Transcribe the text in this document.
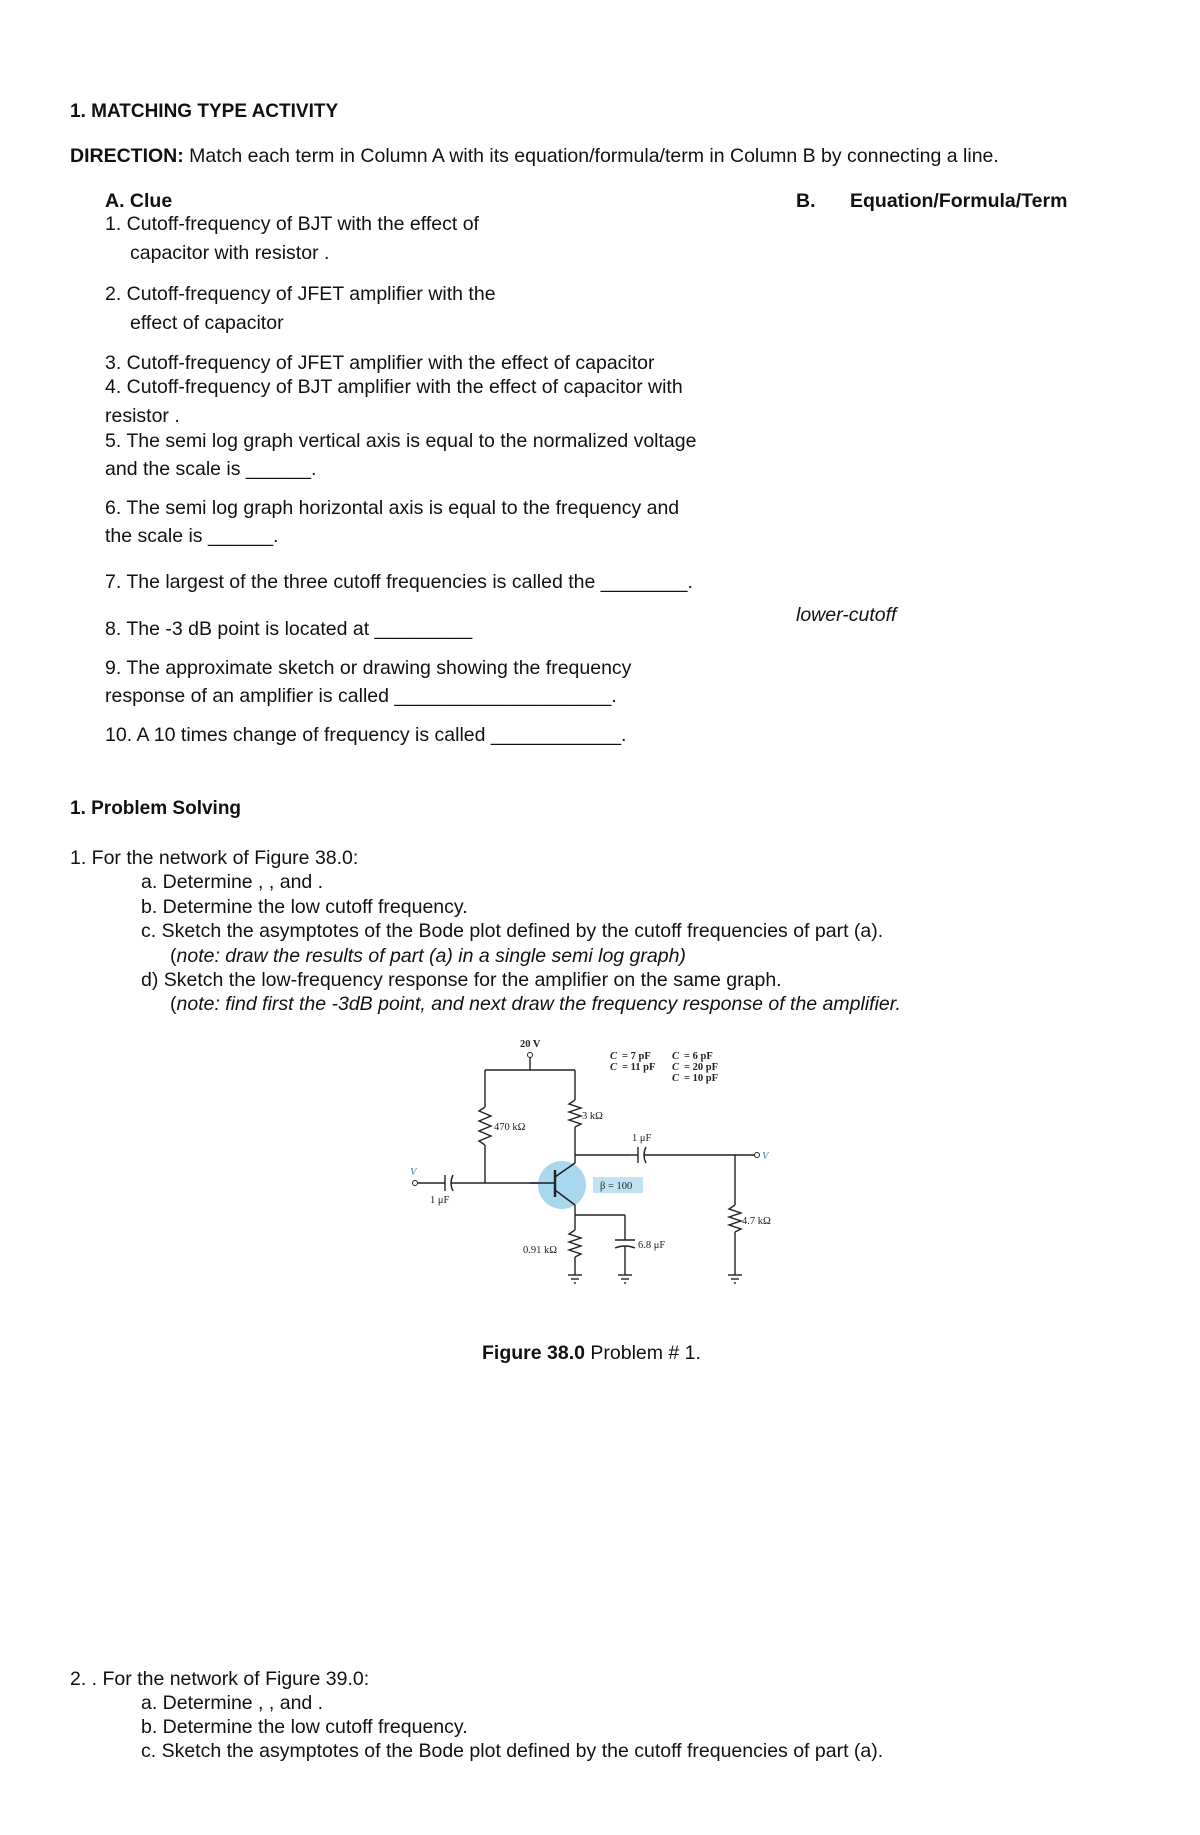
1. MATCHING TYPE ACTIVITY
DIRECTION: Match each term in Column A with its equation/formula/term in Column B by connecting a line.
A. Clue	B. Equation/Formula/Term
1. Cutoff-frequency of BJT with the effect of
capacitor with resistor .
2. Cutoff-frequency of JFET amplifier with the
effect of capacitor
3. Cutoff-frequency of JFET amplifier with the effect of capacitor
4. Cutoff-frequency of BJT amplifier with the effect of capacitor with
resistor .
5. The semi log graph vertical axis is equal to the normalized voltage
and the scale is ______.
6. The semi log graph horizontal axis is equal to the frequency and
the scale is ______.
7. The largest of the three cutoff frequencies is called the ________.
lower-cutoff
8. The -3 dB point is located at _________
9. The approximate sketch or drawing showing the frequency
response of an amplifier is called ____________________.
10. A 10 times change of frequency is called ____________.
1. Problem Solving
1. For the network of Figure 38.0:
a. Determine , , and .
b. Determine the low cutoff frequency.
c. Sketch the asymptotes of the Bode plot defined by the cutoff frequencies of part (a).
(note: draw the results of part (a) in a single semi log graph)
d) Sketch the low-frequency response for the amplifier on the same graph.
(note: find first the -3dB point, and next draw the frequency response of the amplifier.
20 V
C = 7 pF
C = 11 pF
C = 6 pF
C = 20 pF
C = 10 pF
470 kΩ
3 kΩ
1 μF
1 μF
V
V
β = 100
0.91 kΩ	6.8 μF
4.7 kΩ
Figure 38.0 Problem # 1.
2. . For the network of Figure 39.0:
a. Determine , , and .
b. Determine the low cutoff frequency.
c. Sketch the asymptotes of the Bode plot defined by the cutoff frequencies of part (a).
